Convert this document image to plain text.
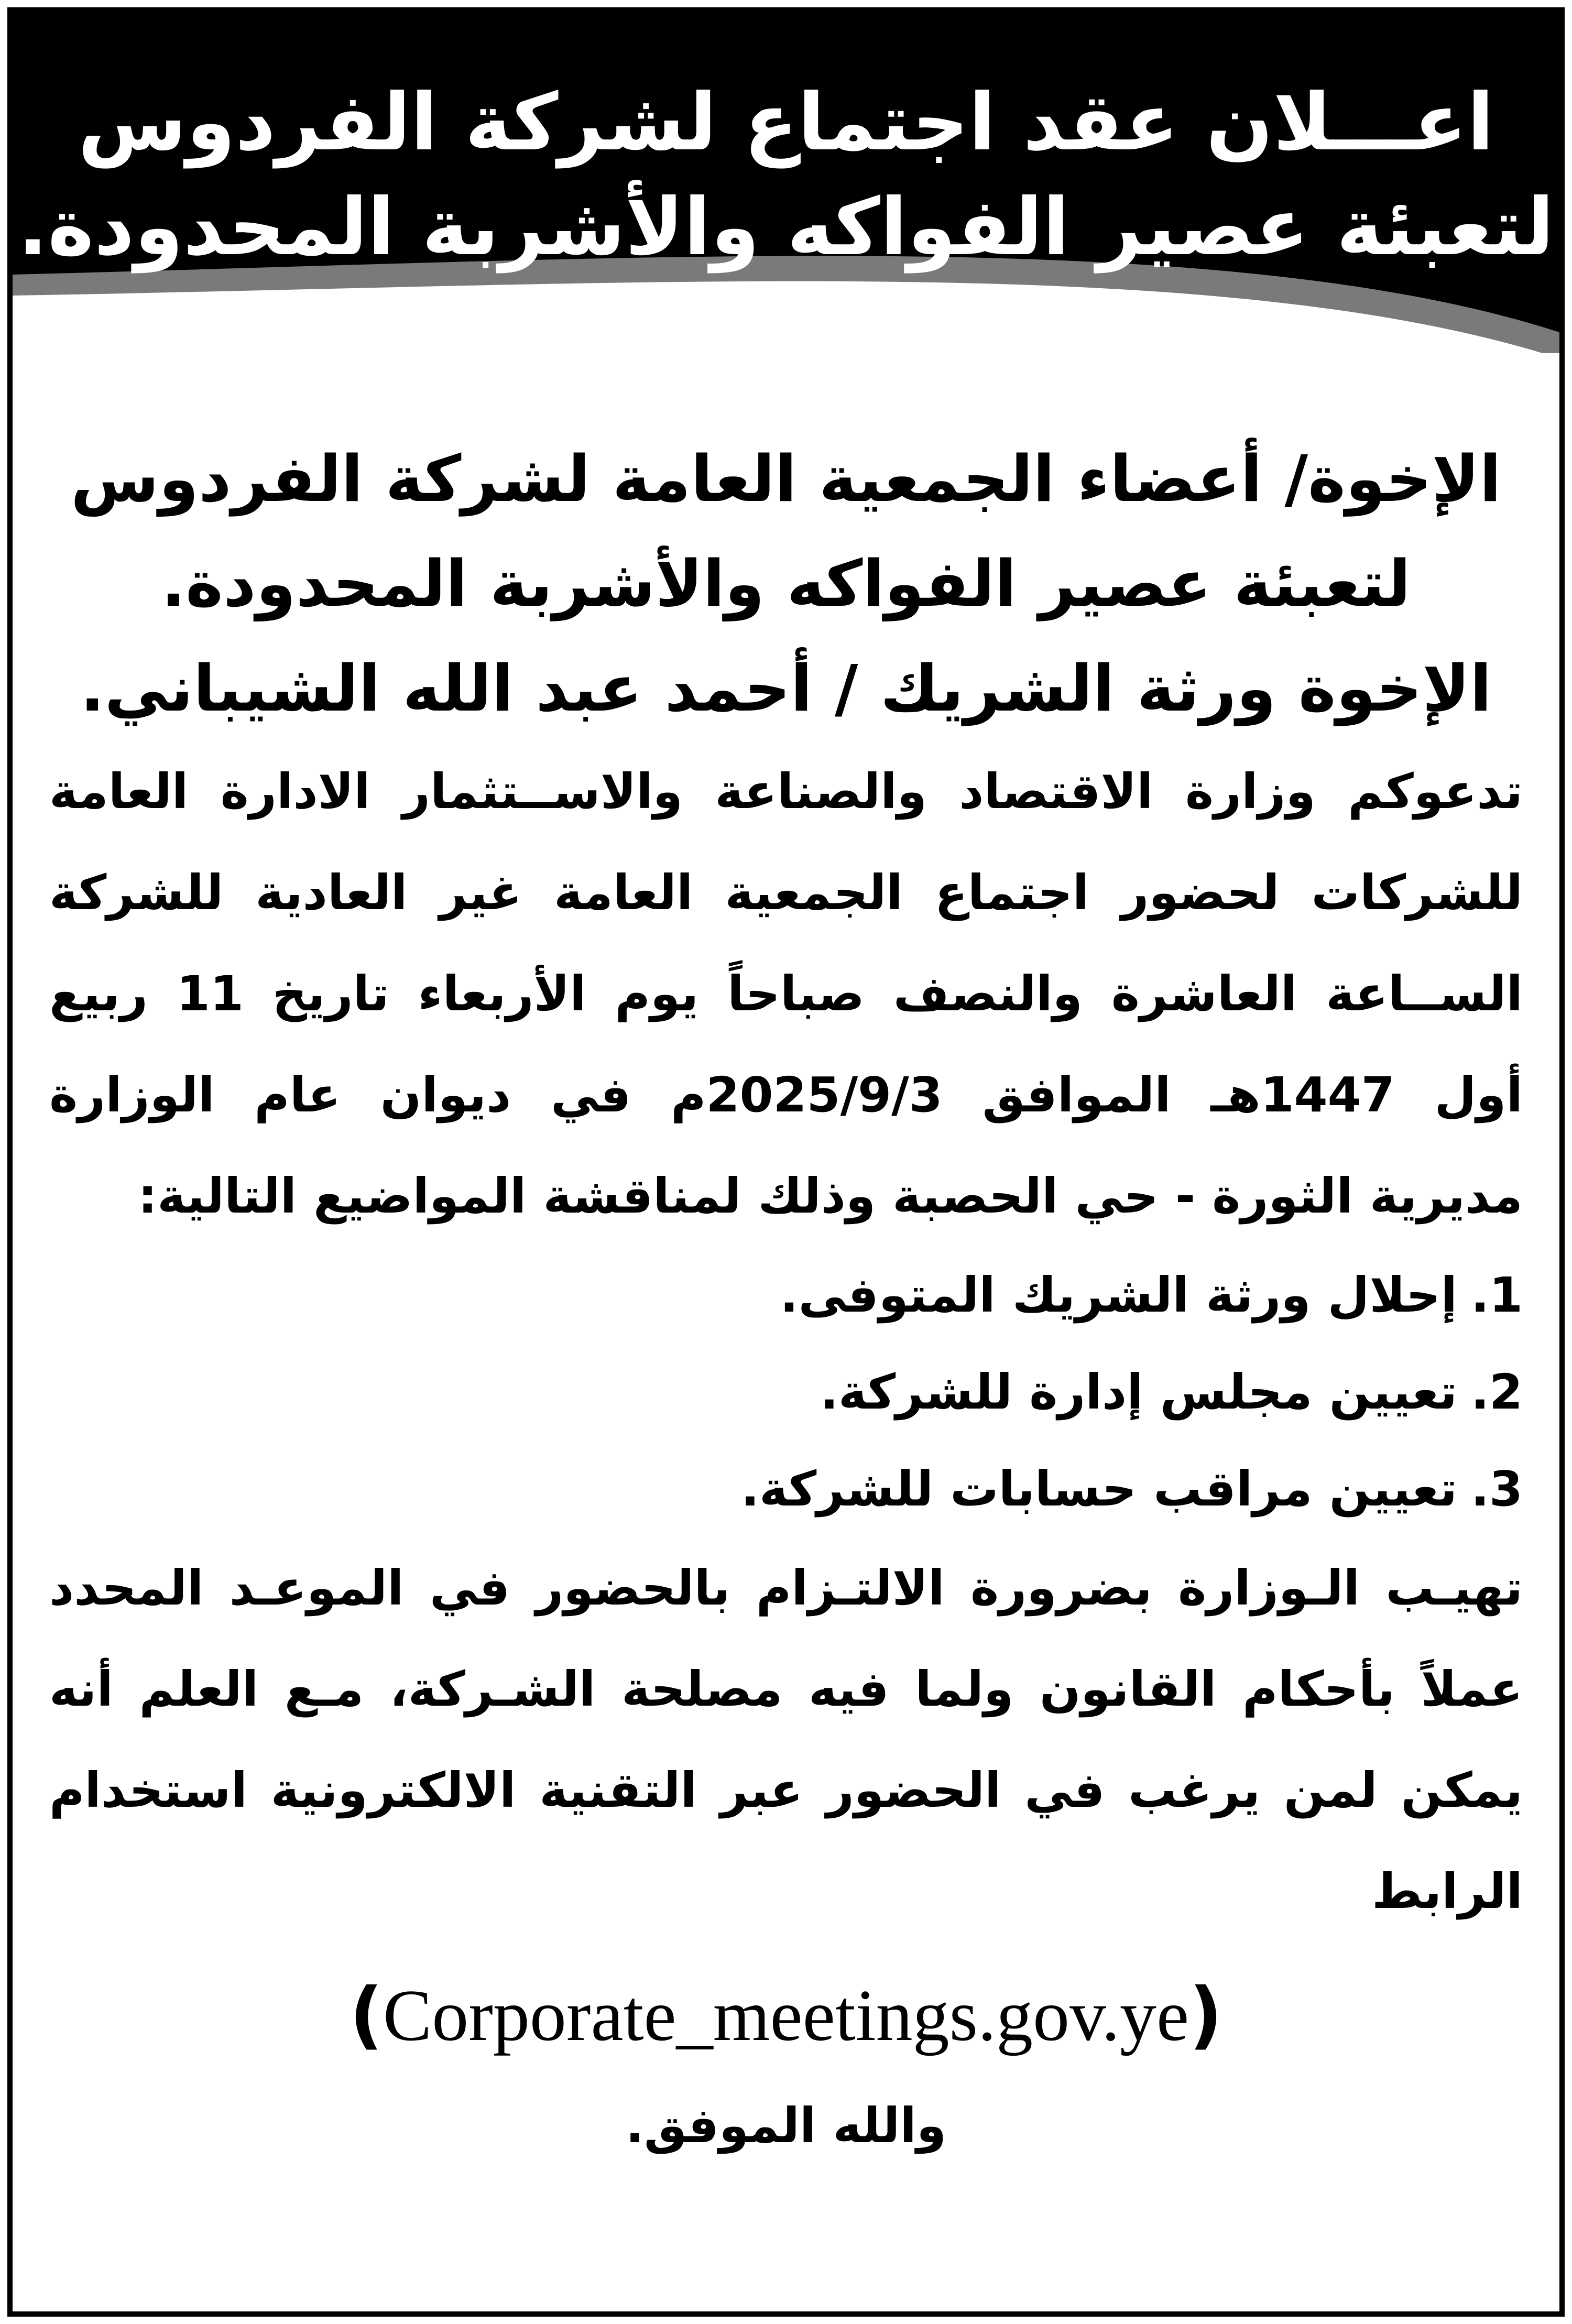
اعـــلان عقد اجتماع لشركة الفردوس
لتعبئة عصير الفواكه والأشربة المحدودة.
الإخوة/ أعضاء الجمعية العامة لشركة الفردوس
لتعبئة عصير الفواكه والأشربة المحدودة.
الإخوة ورثة الشريك / أحمد عبد الله الشيباني.
تدعوكم وزارة الاقتصاد والصناعة والاســتثمار الادارة العامة للشركات لحضور اجتماع الجمعية العامة غير العادية للشركة الســاعة العاشرة والنصف صباحاً يوم الأربعاء تاريخ 11 ربيع أول 1447هـ الموافق 2025/9/3م في ديوان عام الوزارة مديرية الثورة - حي الحصبة وذلك لمناقشة المواضيع التالية:
1.
إحلال ورثة الشريك المتوفى.
2.
تعيين مجلس إدارة للشركة.
3.
تعيين مراقب حسابات للشركة.
تهيـب الـوزارة بضرورة الالتـزام بالحضور في الموعـد المحدد عملاً بأحكام القانون ولما فيه مصلحة الشـركة، مـع العلم أنه يمكن لمن يرغب في الحضور عبر التقنية الالكترونية استخدام الرابط
(Corporate_meetings.gov.ye)
والله الموفق.
